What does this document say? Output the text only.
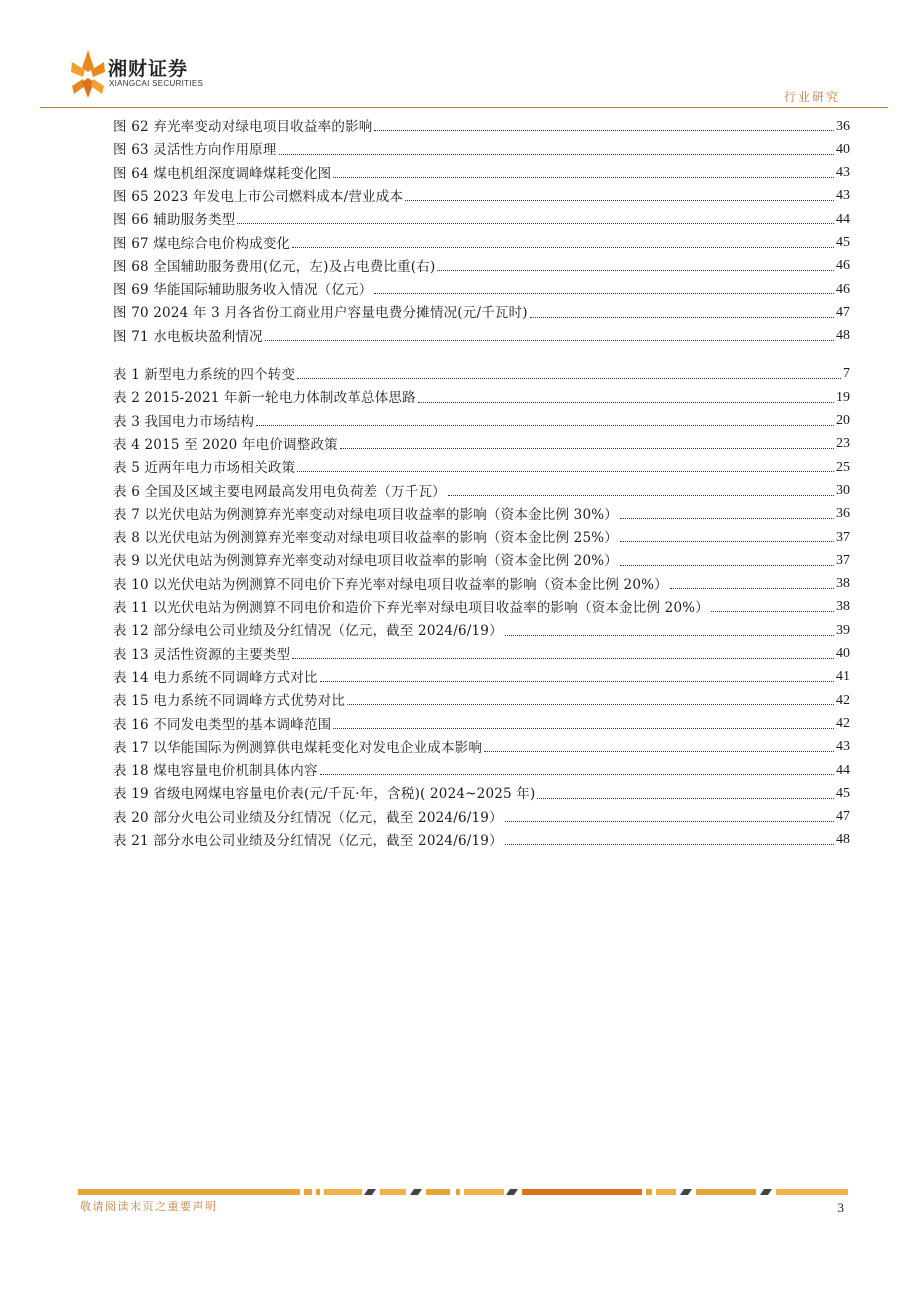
湘财证券
XIANGCAI SECURITIES
行业研究
图 62 弃光率变动对绿电项目收益率的影响	36
图 63 灵活性方向作用原理	40
图 64 煤电机组深度调峰煤耗变化图	43
图 65 2023 年发电上市公司燃料成本/营业成本	43
图 66 辅助服务类型	44
图 67 煤电综合电价构成变化	45
图 68 全国辅助服务费用(亿元，左)及占电费比重(右)	46
图 69 华能国际辅助服务收入情况（亿元）	46
图 70 2024 年 3 月各省份工商业用户容量电费分摊情况(元/千瓦时)	47
图 71 水电板块盈利情况	48
表 1 新型电力系统的四个转变	7
表 2 2015-2021 年新一轮电力体制改革总体思路	19
表 3 我国电力市场结构	20
表 4 2015 至 2020 年电价调整政策	23
表 5 近两年电力市场相关政策	25
表 6 全国及区域主要电网最高发用电负荷差（万千瓦）	30
表 7 以光伏电站为例测算弃光率变动对绿电项目收益率的影响（资本金比例 30%）	36
表 8 以光伏电站为例测算弃光率变动对绿电项目收益率的影响（资本金比例 25%）	37
表 9 以光伏电站为例测算弃光率变动对绿电项目收益率的影响（资本金比例 20%）	37
表 10 以光伏电站为例测算不同电价下弃光率对绿电项目收益率的影响（资本金比例 20%）	38
表 11 以光伏电站为例测算不同电价和造价下弃光率对绿电项目收益率的影响（资本金比例 20%）	38
表 12 部分绿电公司业绩及分红情况（亿元，截至 2024/6/19）	39
表 13 灵活性资源的主要类型	40
表 14 电力系统不同调峰方式对比	41
表 15 电力系统不同调峰方式优势对比	42
表 16 不同发电类型的基本调峰范围	42
表 17 以华能国际为例测算供电煤耗变化对发电企业成本影响	43
表 18 煤电容量电价机制具体内容	44
表 19 省级电网煤电容量电价表(元/千瓦·年，含税)( 2024~2025 年)	45
表 20 部分火电公司业绩及分红情况（亿元，截至 2024/6/19）	47
表 21 部分水电公司业绩及分红情况（亿元，截至 2024/6/19）	48
敬请阅读末页之重要声明	3
